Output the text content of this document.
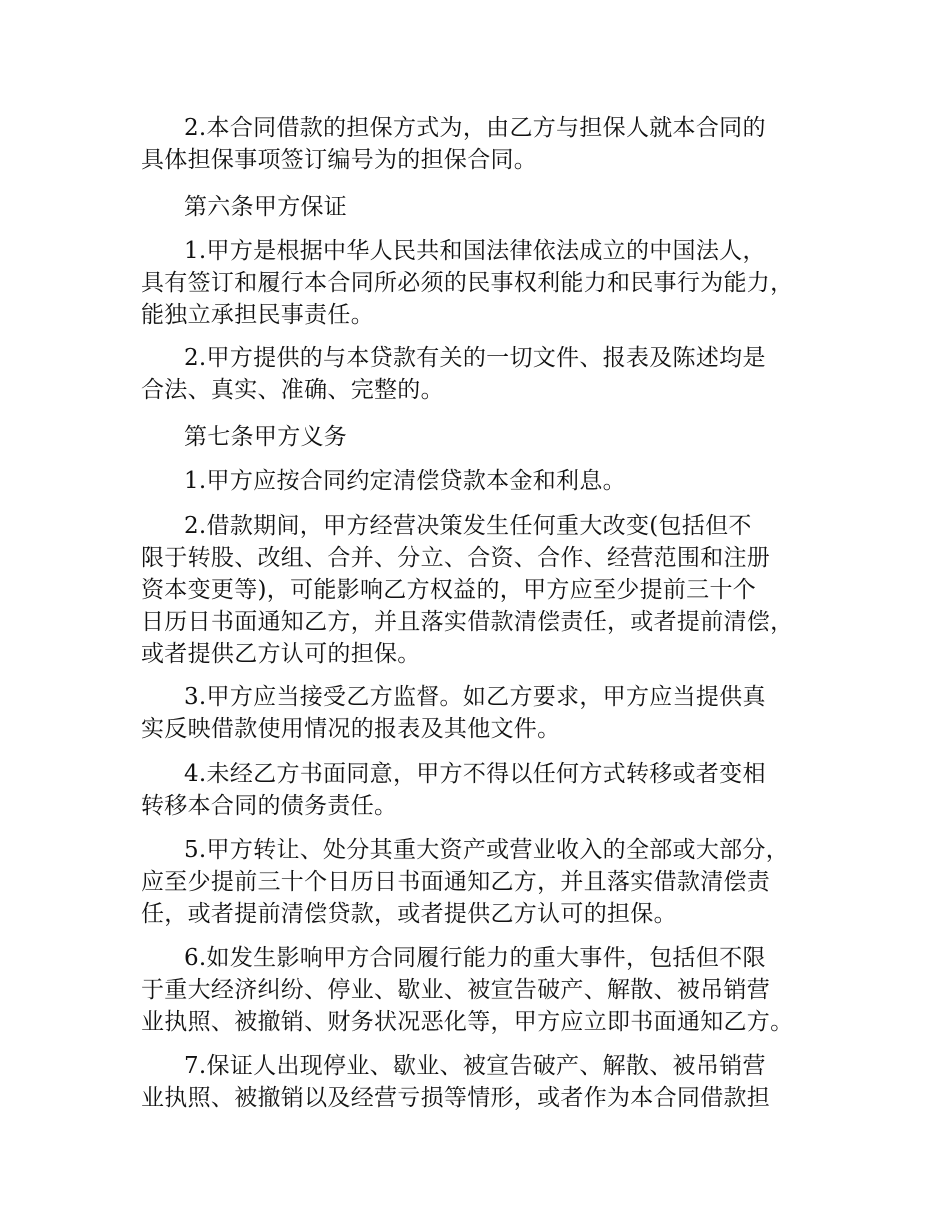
2.本合同借款的担保方式为，由乙方与担保人就本合同的
具体担保事项签订编号为的担保合同。

第六条甲方保证

1.甲方是根据中华人民共和国法律依法成立的中国法人，
具有签订和履行本合同所必须的民事权利能力和民事行为能力，
能独立承担民事责任。

2.甲方提供的与本贷款有关的一切文件、报表及陈述均是
合法、真实、准确、完整的。

第七条甲方义务

1.甲方应按合同约定清偿贷款本金和利息。

2.借款期间，甲方经营决策发生任何重大改变(包括但不
限于转股、改组、合并、分立、合资、合作、经营范围和注册
资本变更等)，可能影响乙方权益的，甲方应至少提前三十个
日历日书面通知乙方，并且落实借款清偿责任，或者提前清偿，
或者提供乙方认可的担保。

3.甲方应当接受乙方监督。如乙方要求，甲方应当提供真
实反映借款使用情况的报表及其他文件。

4.未经乙方书面同意，甲方不得以任何方式转移或者变相
转移本合同的债务责任。

5.甲方转让、处分其重大资产或营业收入的全部或大部分，
应至少提前三十个日历日书面通知乙方，并且落实借款清偿责
任，或者提前清偿贷款，或者提供乙方认可的担保。

6.如发生影响甲方合同履行能力的重大事件，包括但不限
于重大经济纠纷、停业、歇业、被宣告破产、解散、被吊销营
业执照、被撤销、财务状况恶化等，甲方应立即书面通知乙方。

7.保证人出现停业、歇业、被宣告破产、解散、被吊销营
业执照、被撤销以及经营亏损等情形，或者作为本合同借款担
